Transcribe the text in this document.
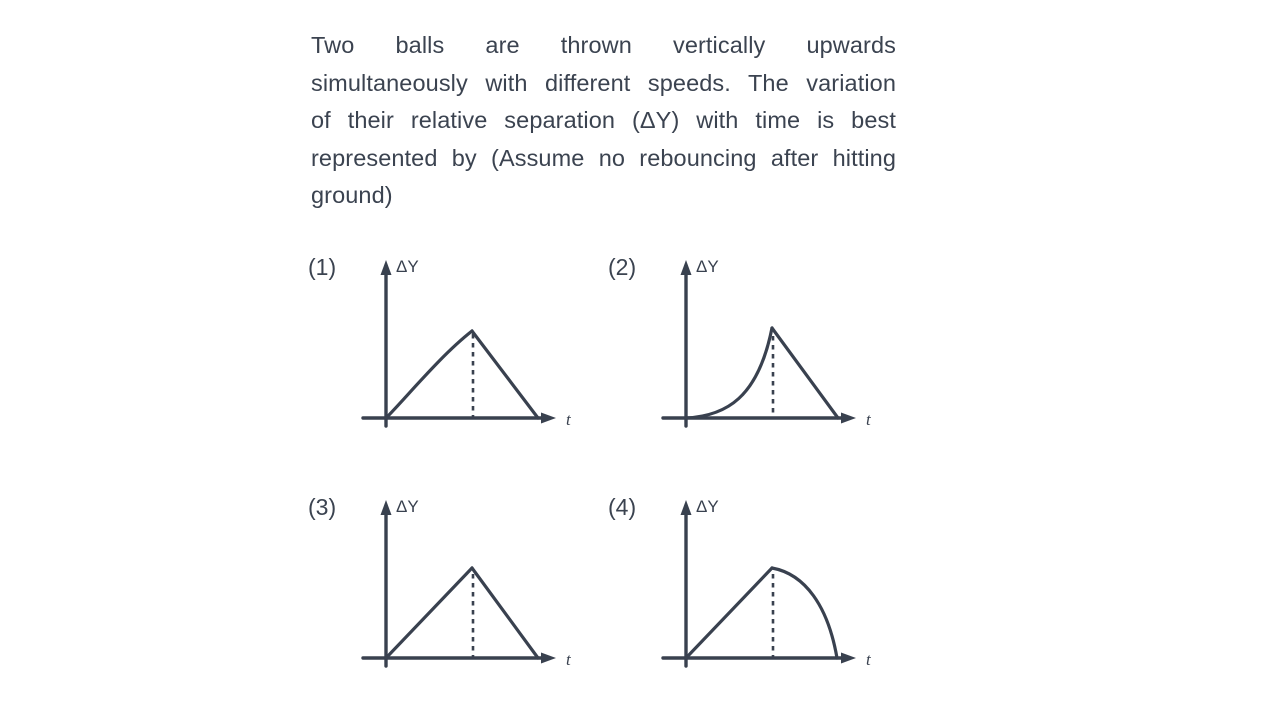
Two balls are thrown vertically upwards
simultaneously with different speeds. The variation
of their relative separation (ΔY) with time is best
represented by (Assume no rebouncing after hitting
ground)
(1)	ΔY
t
(2)	ΔY
t
(3)	ΔY
t
(4)	ΔY
t
